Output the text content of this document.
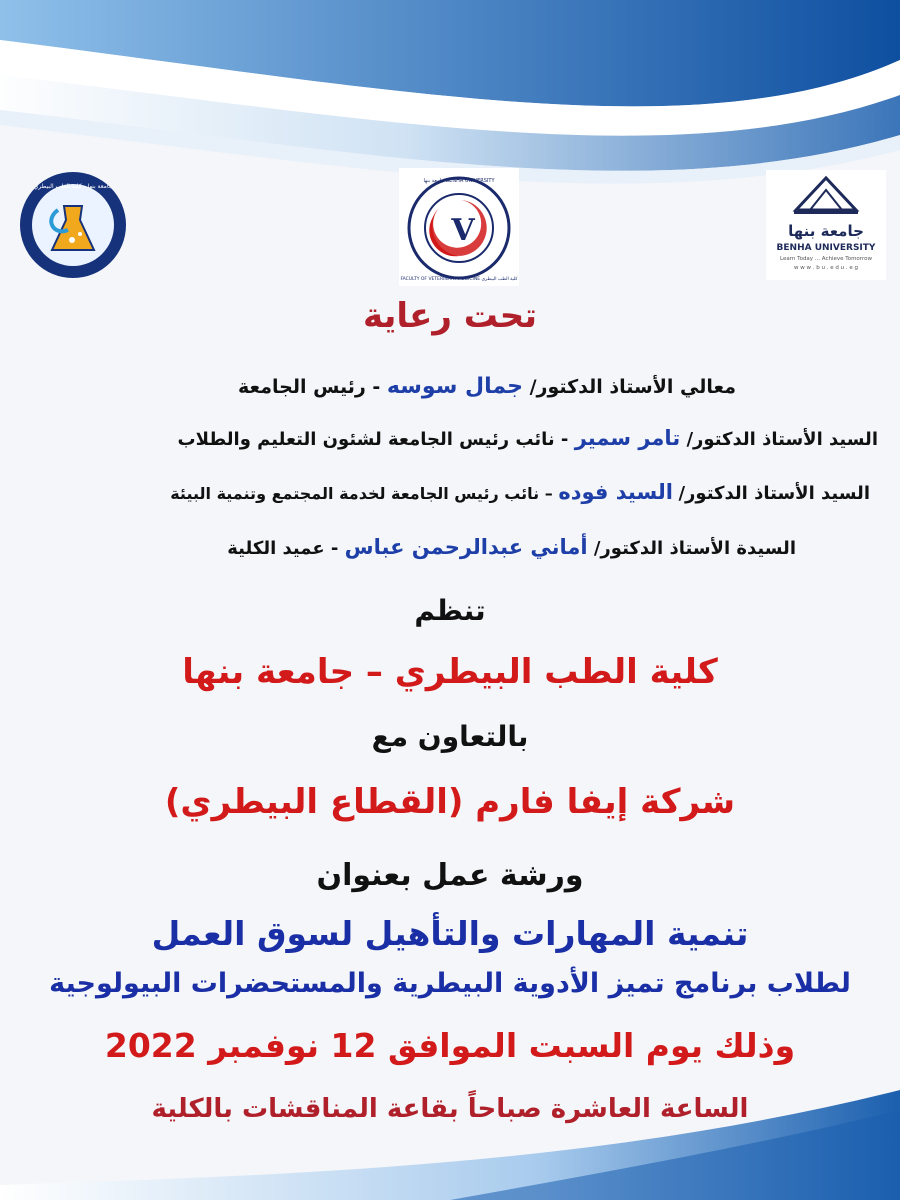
جامعة بنها - كلية الطب البيطري
V
جامعة بنها BENHA UNIVERSITY
FACULTY OF VETERINARY MEDICINE كلية الطب البيطري
جامعة بنها
BENHA UNIVERSITY
Learn Today ... Achieve Tomorrow
w w w . b u . e d u . e g
تحت رعاية
معالي الأستاذ الدكتور/ جمال سوسه - رئيس الجامعة
السيد الأستاذ الدكتور/ تامر سمير - نائب رئيس الجامعة لشئون التعليم والطلاب
السيد الأستاذ الدكتور/ السيد فوده – نائب رئيس الجامعة لخدمة المجتمع وتنمية البيئة
السيدة الأستاذ الدكتور/ أماني عبدالرحمن عباس - عميد الكلية
تنظم
كلية الطب البيطري – جامعة بنها
بالتعاون مع
شركة إيفا فارم (القطاع البيطري)
ورشة عمل بعنوان
تنمية المهارات والتأهيل لسوق العمل
لطلاب برنامج تميز الأدوية البيطرية والمستحضرات البيولوجية
وذلك يوم السبت الموافق 12 نوفمبر 2022
الساعة العاشرة صباحاً بقاعة المناقشات بالكلية
